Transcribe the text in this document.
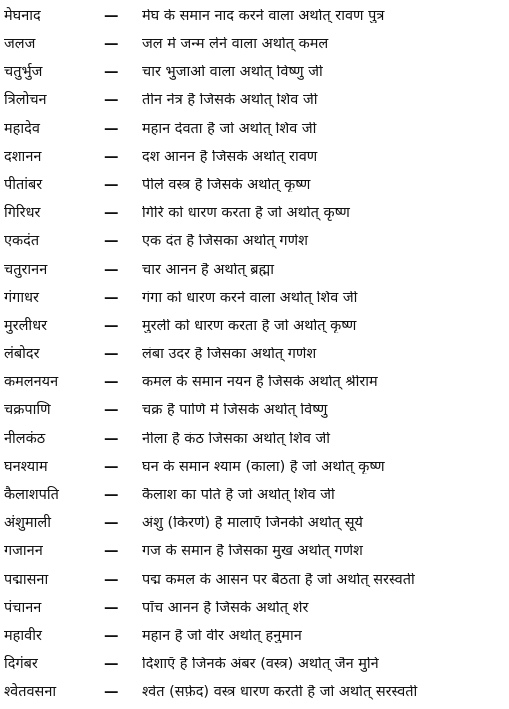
मेघनाद	—	मेघ के समान नाद करने वाला अर्थात् रावण पुत्र
जलज	—	जल में जन्म लेने वाला अर्थात् कमल
चतुर्भुज	—	चार भुजाओं वाला अर्थात् विष्णु जी
त्रिलोचन	—	तीन नेत्र हैं जिसके अर्थात् शिव जी
महादेव	—	महान देवता है जो अर्थात् शिव जी
दशानन	—	दश आनन हैं जिसके अर्थात् रावण
पीतांबर	—	पीले वस्त्र हैं जिसके अर्थात् कृष्ण
गिरिधर	—	गिरि को धारण करता है जो अर्थात् कृष्ण
एकदंत	—	एक दंत है जिसका अर्थात् गणेश
चतुरानन	—	चार आनन हैं अर्थात् ब्रह्मा
गंगाधर	—	गंगा को धारण करने वाला अर्थात् शिव जी
मुरलीधर	—	मुरली को धारण करता है जो अर्थात् कृष्ण
लंबोदर	—	लंबा उदर है जिसका अर्थात् गणेश
कमलनयन	—	कमल के समान नयन है जिसके अर्थात् श्रीराम
चक्रपाणि	—	चक्र है पाणि में जिसके अर्थात् विष्णु
नीलकंठ	—	नीला है कंठ जिसका अर्थात् शिव जी
घनश्याम	—	घन के समान श्याम (काला) है जो अर्थात् कृष्ण
कैलाशपति	—	कैलाश का पति है जो अर्थात् शिव जी
अंशुमाली	—	अंशु (किरणें) हैं मालाएँ जिनकी अर्थात् सूर्य
गजानन	—	गज के समान है जिसका मुख अर्थात् गणेश
पद्मासना	—	पद्म कमल के आसन पर बैठता है जो अर्थात् सरस्वती
पंचानन	—	पाँच आनन है जिसके अर्थात् शेर
महावीर	—	महान है जो वीर अर्थात् हनुमान
दिगंबर	—	दिशाएँ हैं जिनके अंबर (वस्त्र) अर्थात् जैन मुनि
श्वेतवसना	—	श्वेत (सफ़ेद) वस्त्र धारण करती हैं जो अर्थात् सरस्वती
